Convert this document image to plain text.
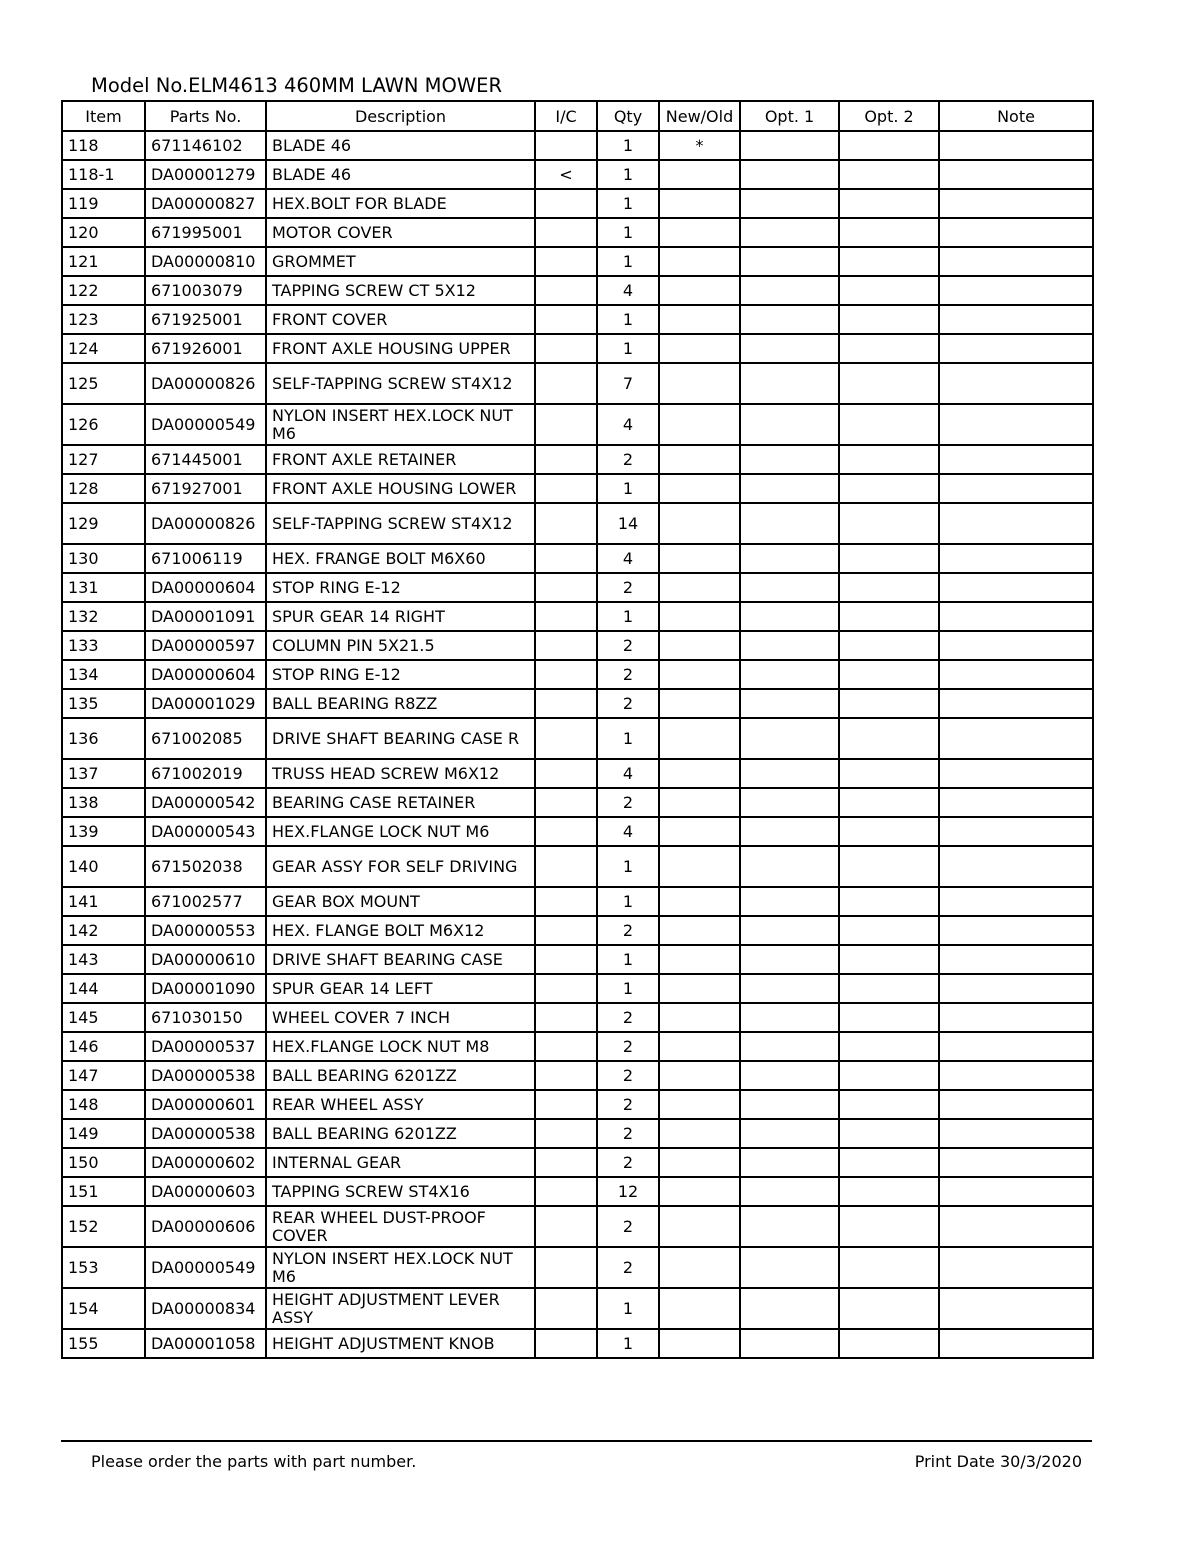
Model No.ELM4613 460MM LAWN MOWER
Item	Parts No.	Description	I/C	Qty	New/Old	Opt. 1	Opt. 2	Note
118	671146102	BLADE 46		1	*			
118-1	DA00001279	BLADE 46	<	1				
119	DA00000827	HEX.BOLT FOR BLADE		1				
120	671995001	MOTOR COVER		1				
121	DA00000810	GROMMET		1				
122	671003079	TAPPING SCREW CT 5X12		4				
123	671925001	FRONT COVER		1				
124	671926001	FRONT AXLE HOUSING UPPER		1				
125	DA00000826	SELF-TAPPING SCREW ST4X12		7				
126	DA00000549	NYLON INSERT HEX.LOCK NUT M6		4				
127	671445001	FRONT AXLE RETAINER		2				
128	671927001	FRONT AXLE HOUSING LOWER		1				
129	DA00000826	SELF-TAPPING SCREW ST4X12		14				
130	671006119	HEX. FRANGE BOLT M6X60		4				
131	DA00000604	STOP RING E-12		2				
132	DA00001091	SPUR GEAR 14 RIGHT		1				
133	DA00000597	COLUMN PIN 5X21.5		2				
134	DA00000604	STOP RING E-12		2				
135	DA00001029	BALL BEARING R8ZZ		2				
136	671002085	DRIVE SHAFT BEARING CASE R		1				
137	671002019	TRUSS HEAD SCREW M6X12		4				
138	DA00000542	BEARING CASE RETAINER		2				
139	DA00000543	HEX.FLANGE LOCK NUT M6		4				
140	671502038	GEAR ASSY FOR SELF DRIVING		1				
141	671002577	GEAR BOX MOUNT		1				
142	DA00000553	HEX. FLANGE BOLT M6X12		2				
143	DA00000610	DRIVE SHAFT BEARING CASE		1				
144	DA00001090	SPUR GEAR 14 LEFT		1				
145	671030150	WHEEL COVER 7 INCH		2				
146	DA00000537	HEX.FLANGE LOCK NUT M8		2				
147	DA00000538	BALL BEARING 6201ZZ		2				
148	DA00000601	REAR WHEEL ASSY		2				
149	DA00000538	BALL BEARING 6201ZZ		2				
150	DA00000602	INTERNAL GEAR		2				
151	DA00000603	TAPPING SCREW ST4X16		12				
152	DA00000606	REAR WHEEL DUST-PROOF COVER		2				
153	DA00000549	NYLON INSERT HEX.LOCK NUT M6		2				
154	DA00000834	HEIGHT ADJUSTMENT LEVER ASSY		1				
155	DA00001058	HEIGHT ADJUSTMENT KNOB		1				
Please order the parts with part number.	Print Date 30/3/2020
